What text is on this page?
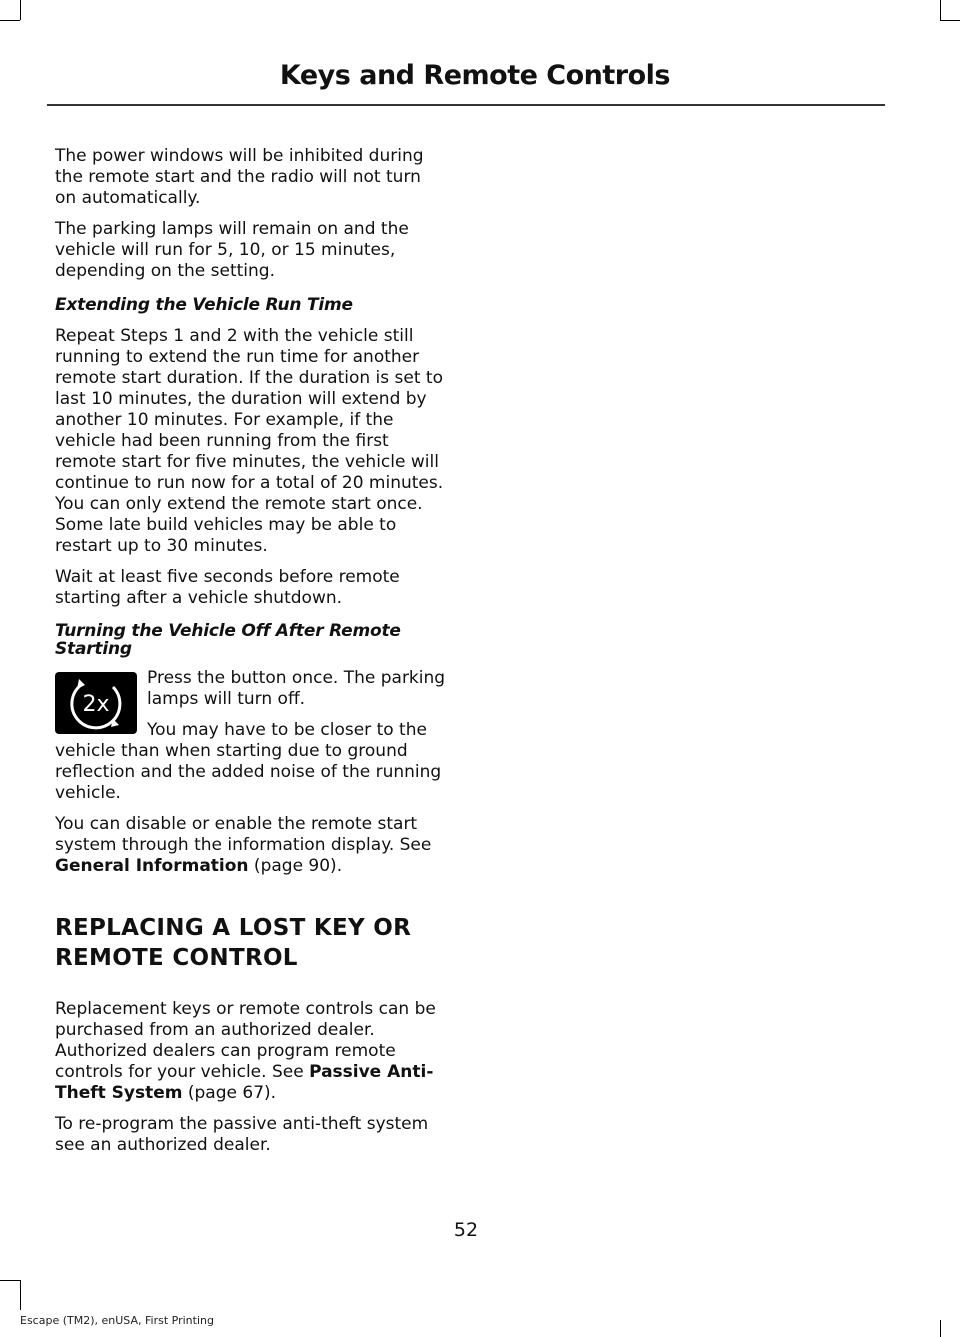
Keys and Remote Controls

The power windows will be inhibited during the remote start and the radio will not turn on automatically.

The parking lamps will remain on and the vehicle will run for 5, 10, or 15 minutes, depending on the setting.

Extending the Vehicle Run Time

Repeat Steps 1 and 2 with the vehicle still running to extend the run time for another remote start duration. If the duration is set to last 10 minutes, the duration will extend by another 10 minutes. For example, if the vehicle had been running from the first remote start for five minutes, the vehicle will continue to run now for a total of 20 minutes. You can only extend the remote start once. Some late build vehicles may be able to restart up to 30 minutes.

Wait at least five seconds before remote starting after a vehicle shutdown.

Turning the Vehicle Off After Remote Starting
2x

Press the button once. The parking lamps will turn off.

You may have to be closer to the vehicle than when starting due to ground reflection and the added noise of the running vehicle.

You can disable or enable the remote start system through the information display. See General Information (page 90).

REPLACING A LOST KEY OR
REMOTE CONTROL

Replacement keys or remote controls can be purchased from an authorized dealer. Authorized dealers can program remote controls for your vehicle. See Passive Anti-Theft System (page 67).

To re-program the passive anti-theft system see an authorized dealer.

52
Escape (TM2), enUSA, First Printing
